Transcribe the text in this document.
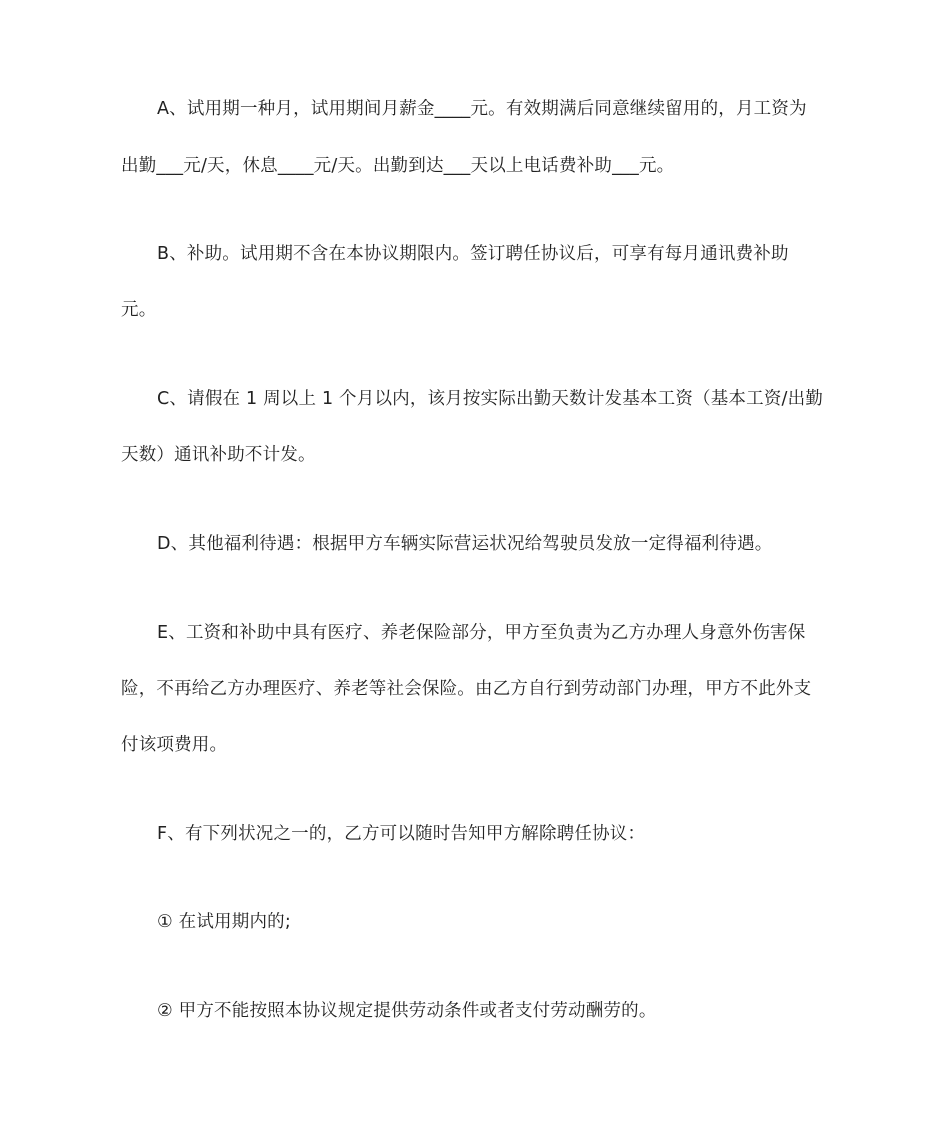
A、试用期一种月，试用期间月薪金____元。有效期满后同意继续留用的，月工资为
出勤___元/天，休息____元/天。出勤到达___天以上电话费补助___元。
B、补助。试用期不含在本协议期限内。签订聘任协议后，可享有每月通讯费补助
元。
C、请假在 1 周以上 1 个月以内，该月按实际出勤天数计发基本工资（基本工资/出勤
天数）通讯补助不计发。
D、其他福利待遇：根据甲方车辆实际营运状况给驾驶员发放一定得福利待遇。
E、工资和补助中具有医疗、养老保险部分，甲方至负责为乙方办理人身意外伤害保
险，不再给乙方办理医疗、养老等社会保险。由乙方自行到劳动部门办理，甲方不此外支
付该项费用。
F、有下列状况之一的，乙方可以随时告知甲方解除聘任协议：
① 在试用期内的;
② 甲方不能按照本协议规定提供劳动条件或者支付劳动酬劳的。
